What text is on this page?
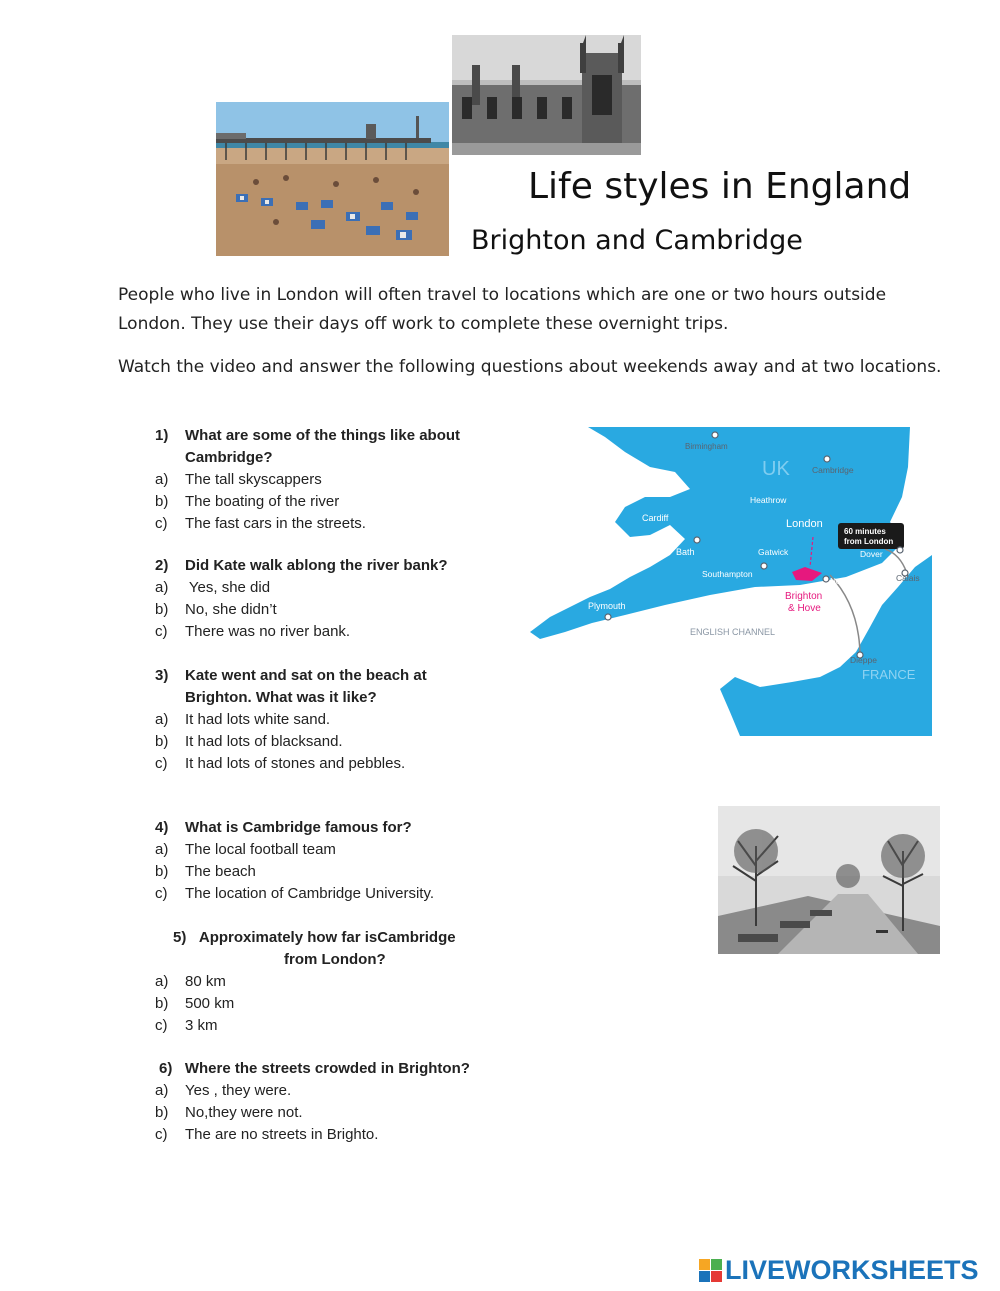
Life styles in England
Brighton and Cambridge
People who live in London will often travel to locations which are one or two hours outside London. They use their days off work to complete these overnight trips.
Watch the video and answer the following questions about weekends away and at two locations.
1)	What are some of the things like about Cambridge?
a) The tall skyscappers
b) The boating of the river
c) The fast cars in the streets.
2)	Did Kate walk ablong the river bank?
a) Yes, she did
b) No, she didn’t
c) There was no river bank.
3)	Kate went and sat on the beach at Brighton. What was it like?
a) It had lots white sand.
b) It had lots of blacksand.
c) It had lots of stones and pebbles.
4)	What is Cambridge famous for?
a) The local football team
b) The beach
c) The location of Cambridge University.
5) Approximately how far isCambridge
from London?
a) 80 km
b) 500 km
c) 3 km
6) Where the streets crowded in Brighton?
a) Yes , they were.
b) No,they were not.
c) The are no streets in Brighto.
Birmingham
UK	Cambridge
Heathrow
Cardiff	London
60 minutes
from London
Bath	Gatwick	Dover
Calais
Southampton
Newhaven
Plymouth
Brighton
& Hove
ENGLISH CHANNEL
Dieppe
FRANCE
LIVEWORKSHEETS
